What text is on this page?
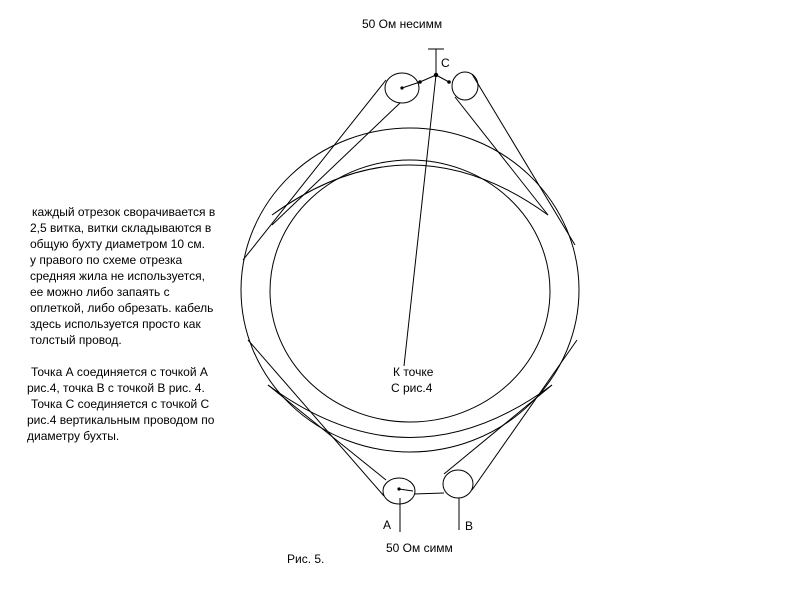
50 Ом несимм
C
К точке
С рис.4
A	B
50 Ом симм
Рис. 5.

каждый отрезок сворачивается в

2,5 витка, витки складываются в

общую бухту диаметром 10 см.

у правого по схеме отрезка

средняя жила не используется,

ее можно либо запаять с

оплеткой, либо обрезать. кабель

здесь используется просто как

толстый провод.

Точка А соединяется с точкой А

рис.4, точка В с точкой В рис. 4.

Точка С соединяется с точкой С

рис.4 вертикальным проводом по

диаметру бухты.
